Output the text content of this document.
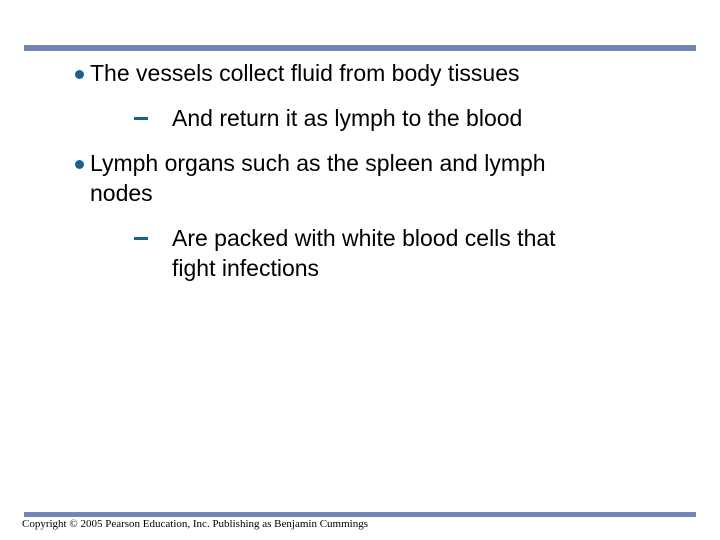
The vessels collect fluid from body tissues
And return it as lymph to the blood
Lymph organs such as the spleen and lymph
nodes
Are packed with white blood cells that
fight infections
Copyright © 2005 Pearson Education, Inc. Publishing as Benjamin Cummings
